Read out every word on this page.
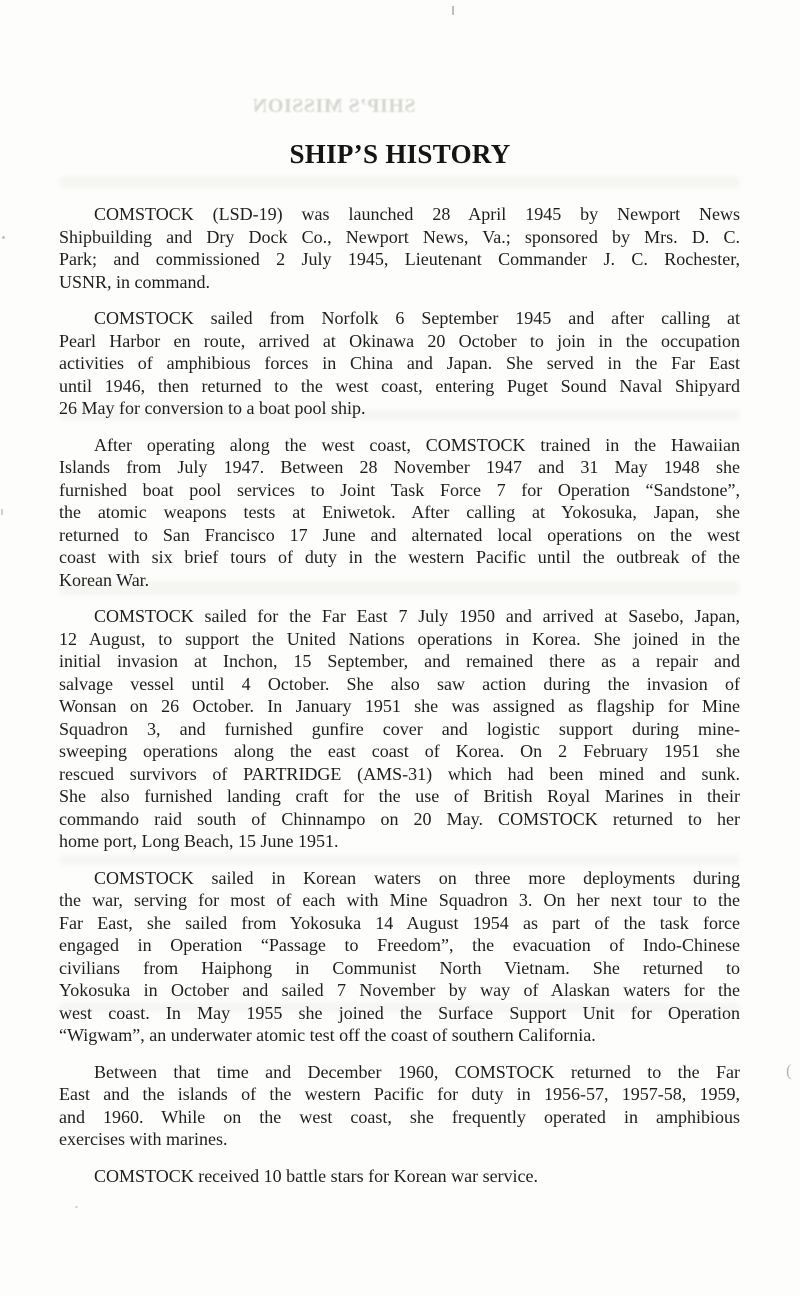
SHIP’S MISSION
SHIP’S HISTORY
COMSTOCK (LSD-19) was launched 28 April 1945 by Newport News
Shipbuilding and Dry Dock Co., Newport News, Va.; sponsored by Mrs. D. C.
Park; and commissioned 2 July 1945, Lieutenant Commander J. C. Rochester,
USNR, in command.
COMSTOCK sailed from Norfolk 6 September 1945 and after calling at
Pearl Harbor en route, arrived at Okinawa 20 October to join in the occupation
activities of amphibious forces in China and Japan. She served in the Far East
until 1946, then returned to the west coast, entering Puget Sound Naval Shipyard
26 May for conversion to a boat pool ship.
After operating along the west coast, COMSTOCK trained in the Hawaiian
Islands from July 1947. Between 28 November 1947 and 31 May 1948 she
furnished boat pool services to Joint Task Force 7 for Operation “Sandstone”,
the atomic weapons tests at Eniwetok. After calling at Yokosuka, Japan, she
returned to San Francisco 17 June and alternated local operations on the west
coast with six brief tours of duty in the western Pacific until the outbreak of the
Korean War.
COMSTOCK sailed for the Far East 7 July 1950 and arrived at Sasebo, Japan,
12 August, to support the United Nations operations in Korea. She joined in the
initial invasion at Inchon, 15 September, and remained there as a repair and
salvage vessel until 4 October. She also saw action during the invasion of
Wonsan on 26 October. In January 1951 she was assigned as flagship for Mine
Squadron 3, and furnished gunfire cover and logistic support during mine-
sweeping operations along the east coast of Korea. On 2 February 1951 she
rescued survivors of PARTRIDGE (AMS-31) which had been mined and sunk.
She also furnished landing craft for the use of British Royal Marines in their
commando raid south of Chinnampo on 20 May. COMSTOCK returned to her
home port, Long Beach, 15 June 1951.
COMSTOCK sailed in Korean waters on three more deployments during
the war, serving for most of each with Mine Squadron 3. On her next tour to the
Far East, she sailed from Yokosuka 14 August 1954 as part of the task force
engaged in Operation “Passage to Freedom”, the evacuation of Indo-Chinese
civilians from Haiphong in Communist North Vietnam. She returned to
Yokosuka in October and sailed 7 November by way of Alaskan waters for the
west coast. In May 1955 she joined the Surface Support Unit for Operation
“Wigwam”, an underwater atomic test off the coast of southern California.
Between that time and December 1960, COMSTOCK returned to the Far
East and the islands of the western Pacific for duty in 1956-57, 1957-58, 1959,
and 1960. While on the west coast, she frequently operated in amphibious
exercises with marines.
COMSTOCK received 10 battle stars for Korean war service.
(
